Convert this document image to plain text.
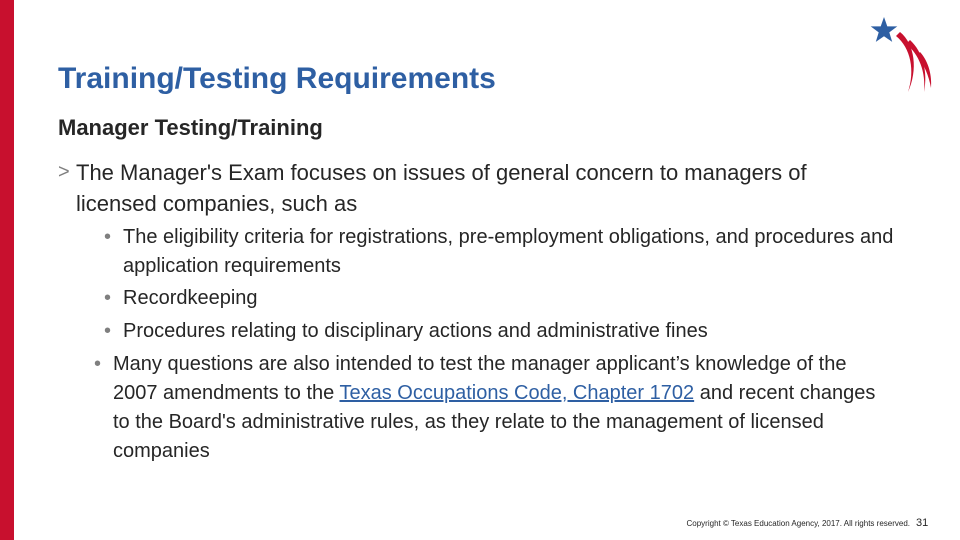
Training/Testing Requirements
Manager Testing/Training
> The Manager's Exam focuses on issues of general concern to managers of licensed companies, such as
• The eligibility criteria for registrations, pre-employment obligations, and procedures and application requirements
• Recordkeeping
• Procedures relating to disciplinary actions and administrative fines
• Many questions are also intended to test the manager applicant’s knowledge of the 2007 amendments to the Texas Occupations Code, Chapter 1702 and recent changes to the Board's administrative rules, as they relate to the management of licensed companies
Copyright © Texas Education Agency, 2017. All rights reserved. 31
